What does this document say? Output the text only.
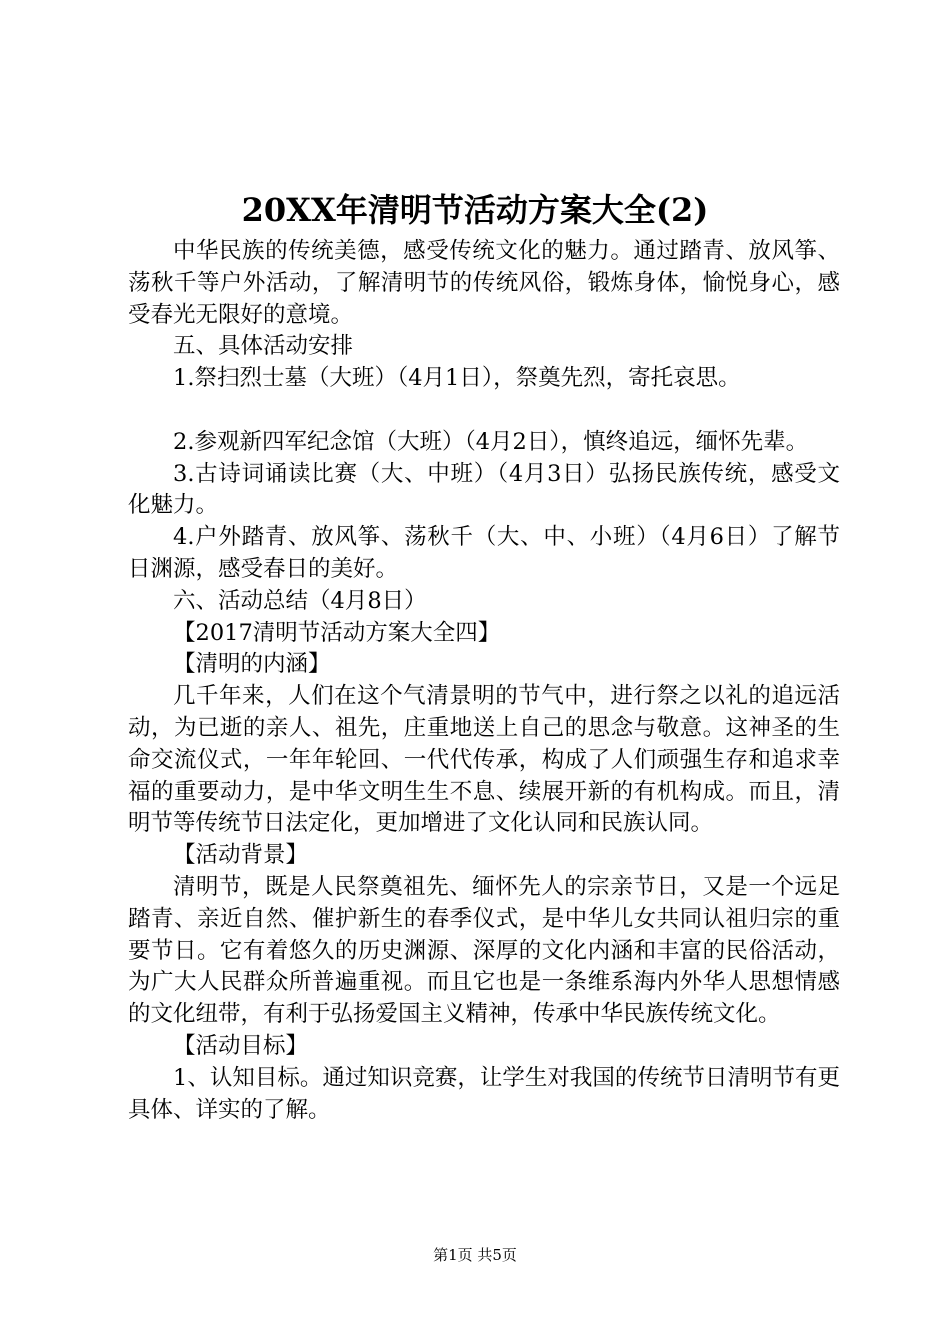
20XX年清明节活动方案大全(2)

中华民族的传统美德，感受传统文化的魅力。通过踏青、放风筝、荡秋千等户外活动，了解清明节的传统风俗，锻炼身体，愉悦身心，感受春光无限好的意境。

五、具体活动安排

1.祭扫烈士墓（大班）（4月1日），祭奠先烈，寄托哀思。

2.参观新四军纪念馆（大班）（4月2日），慎终追远，缅怀先辈。

3.古诗词诵读比赛（大、中班）（4月3日）弘扬民族传统，感受文化魅力。

4.户外踏青、放风筝、荡秋千（大、中、小班）（4月6日）了解节日渊源，感受春日的美好。

六、活动总结（4月8日）

【2017清明节活动方案大全四】

【清明的内涵】

几千年来，人们在这个气清景明的节气中，进行祭之以礼的追远活动，为已逝的亲人、祖先，庄重地送上自己的思念与敬意。这神圣的生命交流仪式，一年年轮回、一代代传承，构成了人们顽强生存和追求幸福的重要动力，是中华文明生生不息、续展开新的有机构成。而且，清明节等传统节日法定化，更加增进了文化认同和民族认同。

【活动背景】

清明节，既是人民祭奠祖先、缅怀先人的宗亲节日，又是一个远足踏青、亲近自然、催护新生的春季仪式，是中华儿女共同认祖归宗的重要节日。它有着悠久的历史渊源、深厚的文化内涵和丰富的民俗活动，为广大人民群众所普遍重视。而且它也是一条维系海内外华人思想情感的文化纽带，有利于弘扬爱国主义精神，传承中华民族传统文化。

【活动目标】

1、认知目标。通过知识竞赛，让学生对我国的传统节日清明节有更具体、详实的了解。

第1页 共5页
